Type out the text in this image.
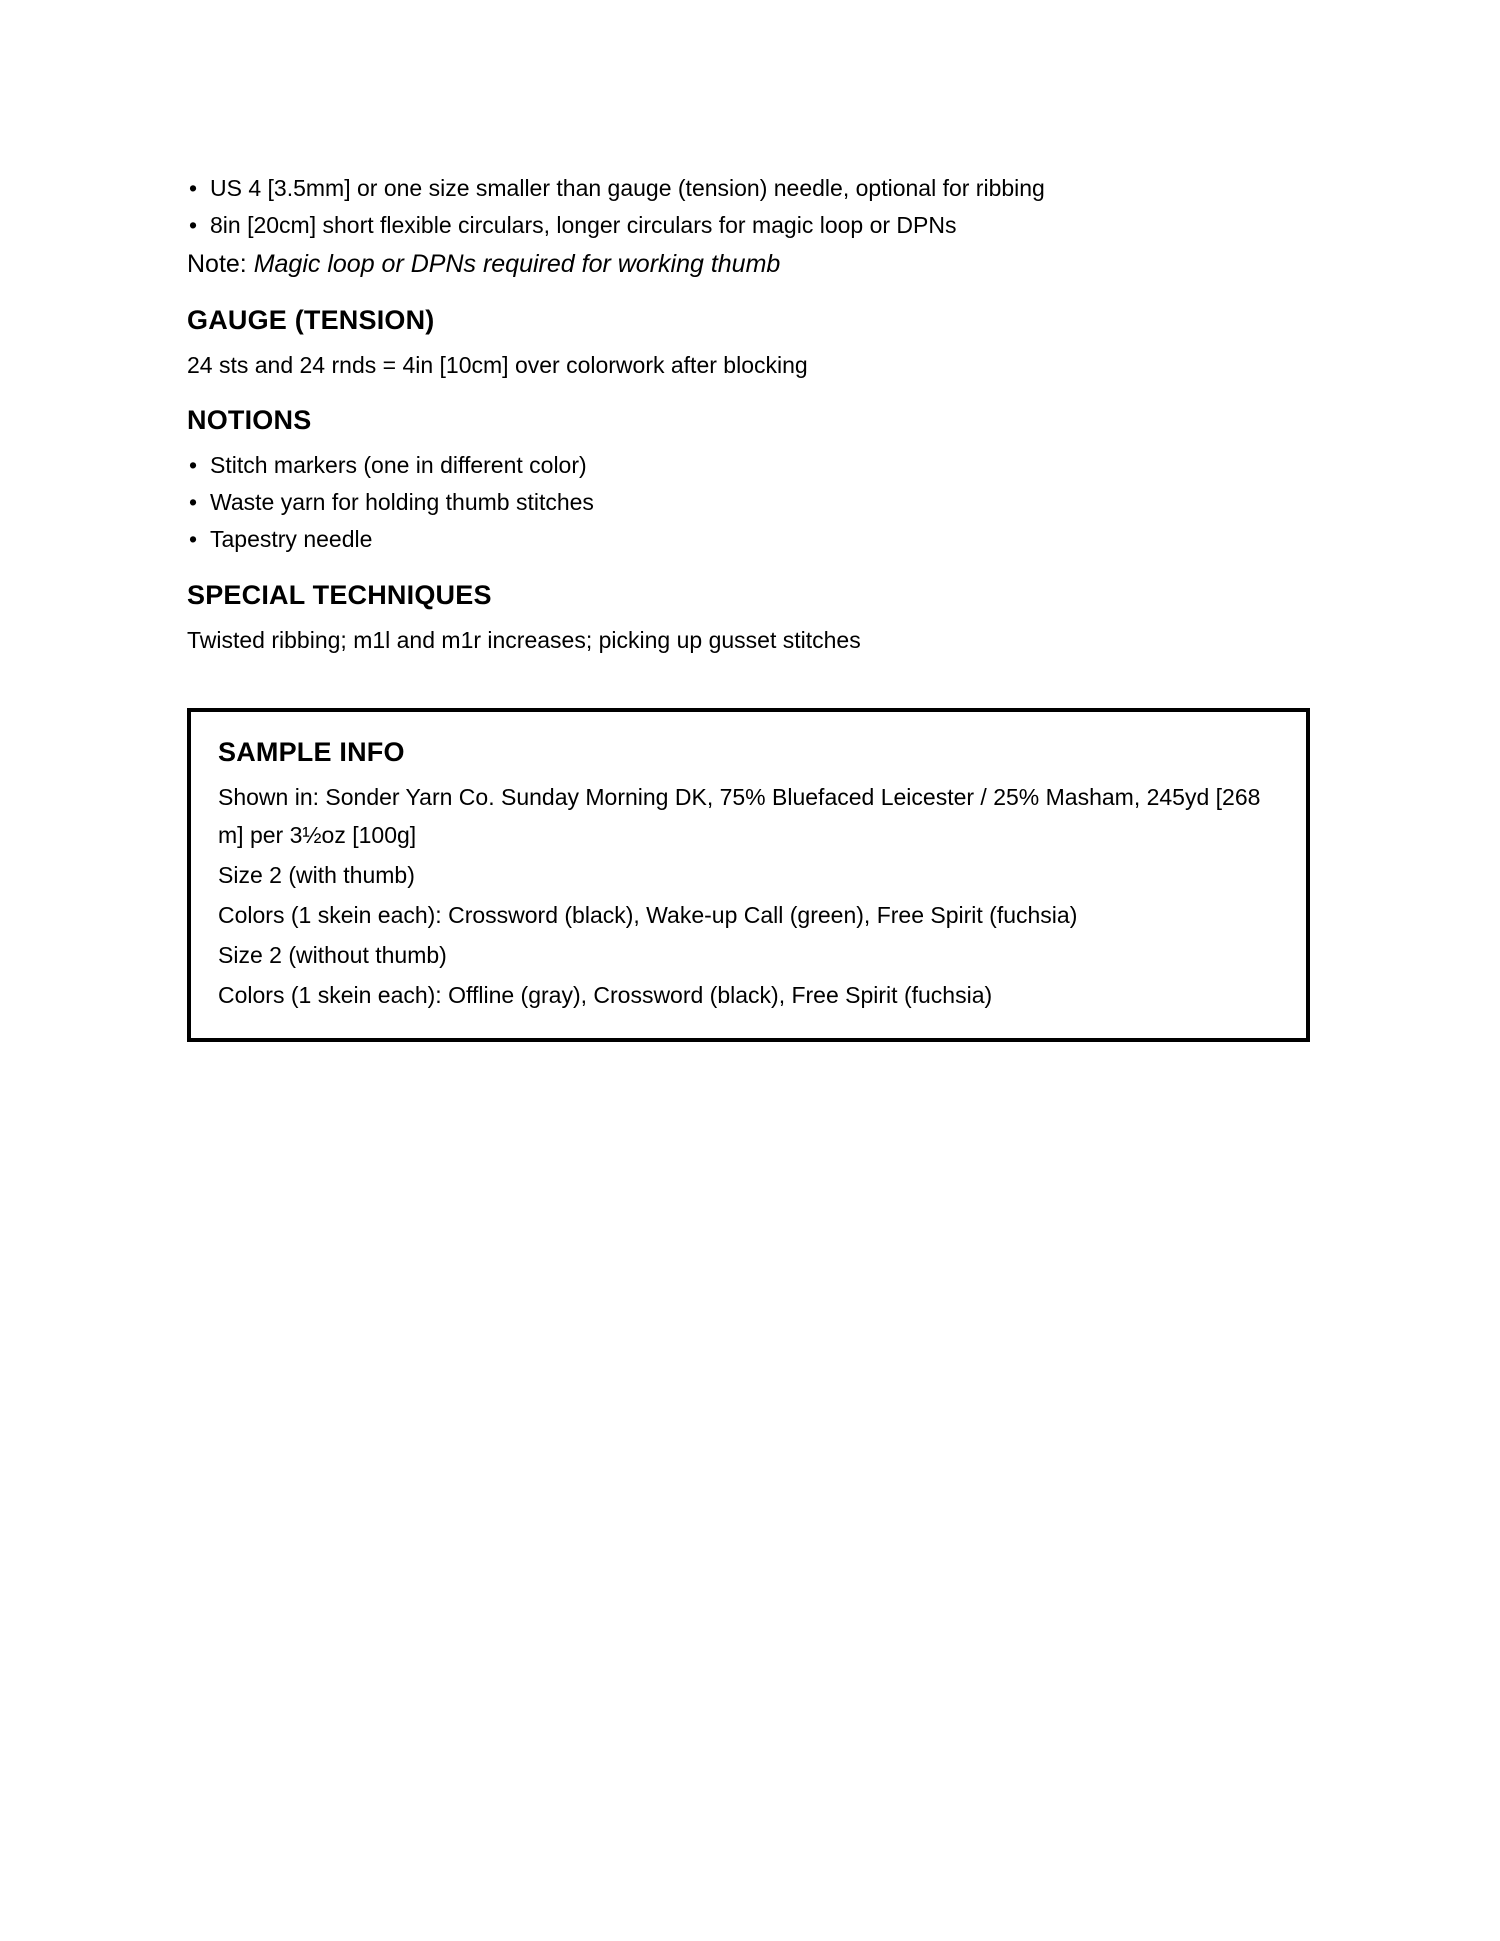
• US 4 [3.5mm] or one size smaller than gauge (tension) needle, optional for ribbing
• 8in [20cm] short flexible circulars, longer circulars for magic loop or DPNs

Note: Magic loop or DPNs required for working thumb

GAUGE (TENSION)

24 sts and 24 rnds = 4in [10cm] over colorwork after blocking

NOTIONS
• Stitch markers (one in different color)
• Waste yarn for holding thumb stitches
• Tapestry needle
SPECIAL TECHNIQUES

Twisted ribbing; m1l and m1r increases; picking up gusset stitches

SAMPLE INFO

Shown in: Sonder Yarn Co. Sunday Morning DK, 75% Bluefaced Leicester / 25% Masham, 245yd [268 m] per 3½oz [100g]

Size 2 (with thumb)

Colors (1 skein each): Crossword (black), Wake-up Call (green), Free Spirit (fuchsia)

Size 2 (without thumb)

Colors (1 skein each): Offline (gray), Crossword (black), Free Spirit (fuchsia)
